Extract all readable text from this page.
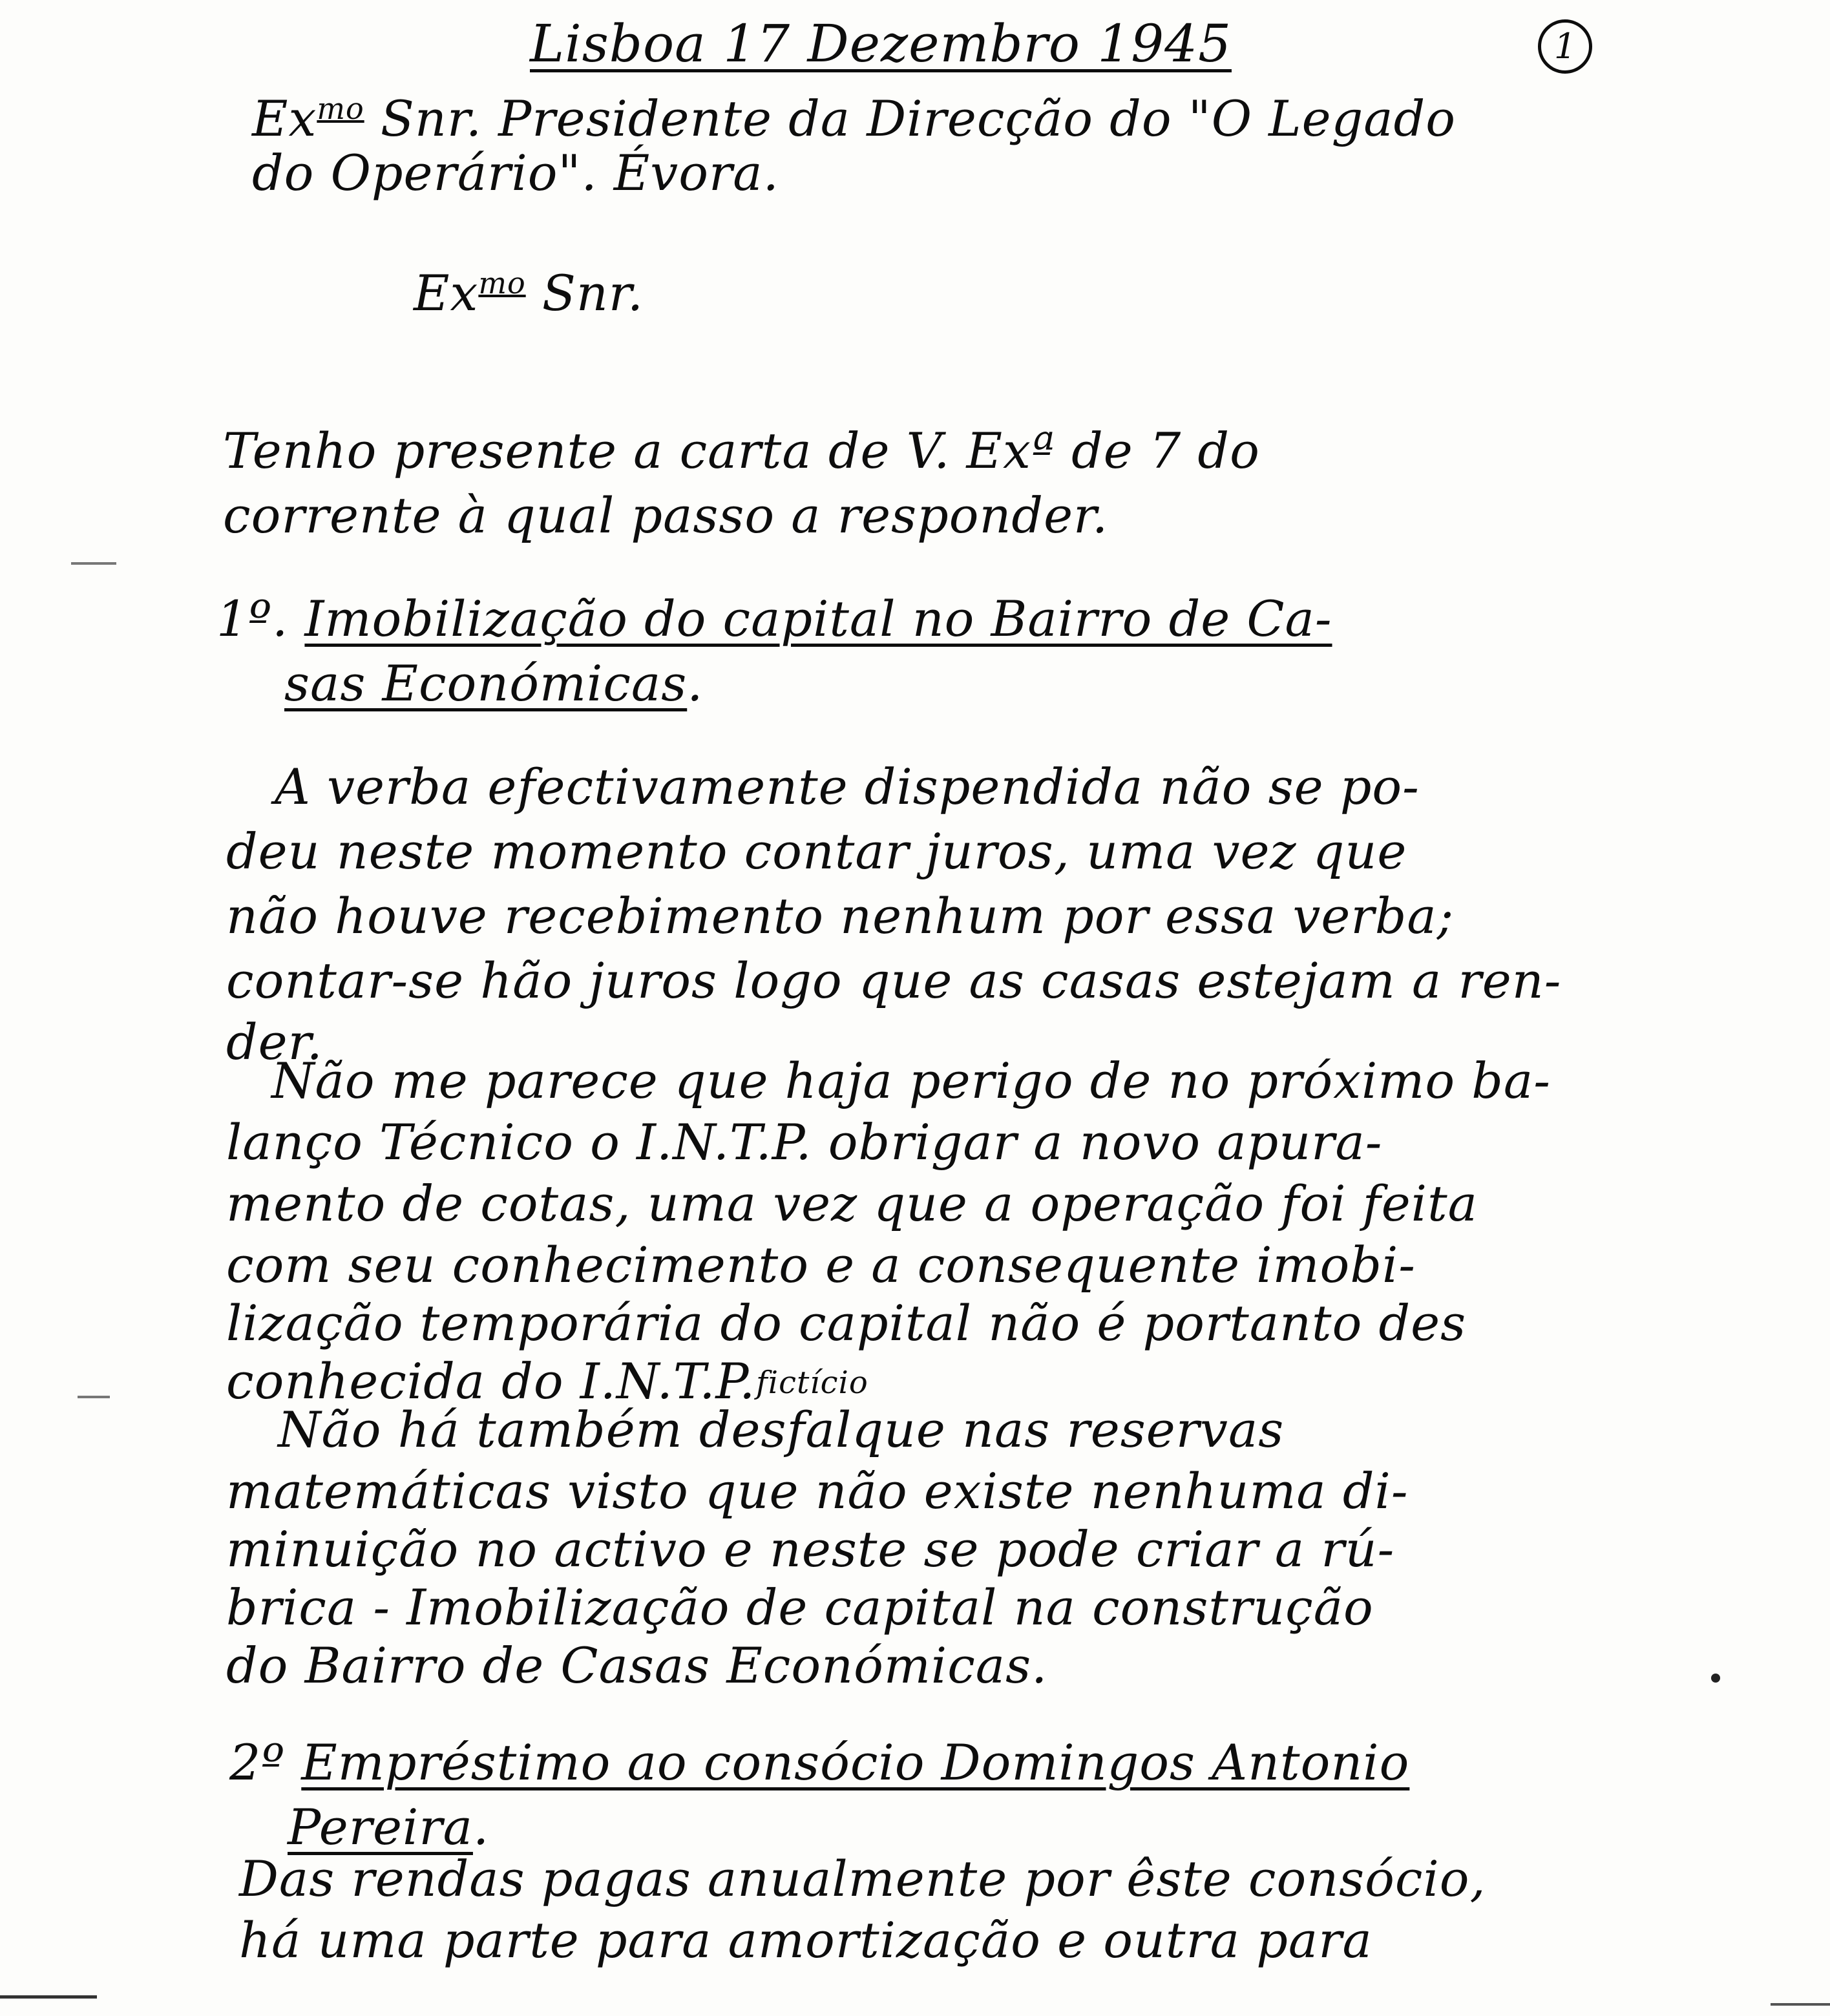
1
Lisboa 17 Dezembro 1945
$Ex^{mo}$ Snr. Presidente da Direcção do "O Legado
do Operário". Évora.
$Ex^{mo}$ Snr.
Tenho presente a carta de V. Exª de 7 do
corrente à qual passo a responder.
1º. Imobilização do capital no Bairro de Ca-
sas Económicas.
A verba efectivamente dispendida não se po-
deu neste momento contar juros, uma vez que
não houve recebimento nenhum por essa verba;
contar-se hão juros logo que as casas estejam a ren-
der.
Não me parece que haja perigo de no próximo ba-
lanço Técnico o I.N.T.P. obrigar a novo apura-
mento de cotas, uma vez que a operação foi feita
com seu conhecimento e a consequente imobi-
lização temporária do capital não é portanto des
conhecida do I.N.T.P. fictício
Não há também desfalque nas reservas
matemáticas visto que não existe nenhuma di-
minuição no activo e neste se pode criar a rú-
brica - Imobilização de capital na construção
do Bairro de Casas Económicas.
2º Empréstimo ao consócio Domingos Antonio
Pereira.
Das rendas pagas anualmente por êste consócio,
há uma parte para amortização e outra para
